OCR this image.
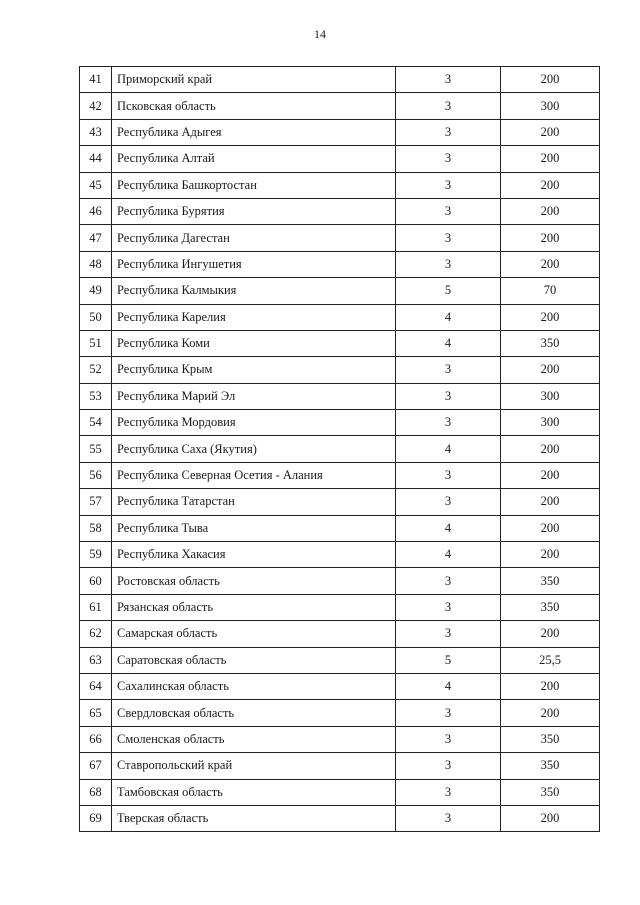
14
41	Приморский край	3	200
42	Псковская область	3	300
43	Республика Адыгея	3	200
44	Республика Алтай	3	200
45	Республика Башкортостан	3	200
46	Республика Бурятия	3	200
47	Республика Дагестан	3	200
48	Республика Ингушетия	3	200
49	Республика Калмыкия	5	70
50	Республика Карелия	4	200
51	Республика Коми	4	350
52	Республика Крым	3	200
53	Республика Марий Эл	3	300
54	Республика Мордовия	3	300
55	Республика Саха (Якутия)	4	200
56	Республика Северная Осетия - Алания	3	200
57	Республика Татарстан	3	200
58	Республика Тыва	4	200
59	Республика Хакасия	4	200
60	Ростовская область	3	350
61	Рязанская область	3	350
62	Самарская область	3	200
63	Саратовская область	5	25,5
64	Сахалинская область	4	200
65	Свердловская область	3	200
66	Смоленская область	3	350
67	Ставропольский край	3	350
68	Тамбовская область	3	350
69	Тверская область	3	200
